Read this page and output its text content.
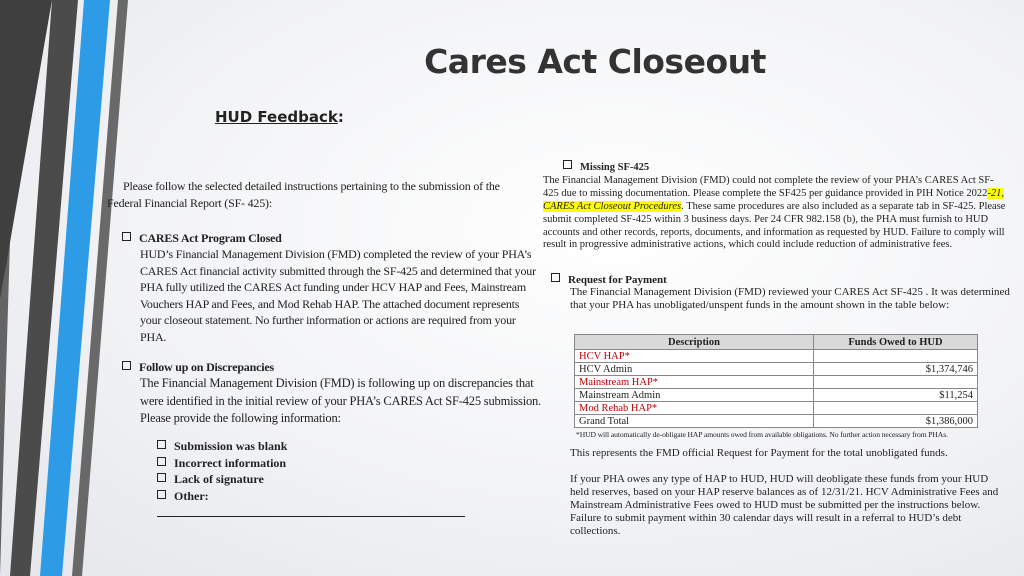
Cares Act Closeout
HUD Feedback:
Please follow the selected detailed instructions pertaining to the submission of the Federal Financial Report (SF- 425):
CARES Act Program Closed
HUD’s Financial Management Division (FMD) completed the review of your PHA’s CARES Act financial activity submitted through the SF-425 and determined that your PHA fully utilized the CARES Act funding under HCV HAP and Fees, Mainstream Vouchers HAP and Fees, and Mod Rehab HAP. The attached document represents your closeout statement. No further information or actions are required from your PHA.
Follow up on Discrepancies
The Financial Management Division (FMD) is following up on discrepancies that were identified in the initial review of your PHA’s CARES Act SF-425 submission. Please provide the following information:
Submission was blank
Incorrect information
Lack of signature
Other:
Missing SF-425
The Financial Management Division (FMD) could not complete the review of your PHA’s CARES Act SF-425 due to missing documentation. Please complete the SF425 per guidance provided in PIH Notice 2022-21, CARES Act Closeout Procedures. These same procedures are also included as a separate tab in SF-425. Please submit completed SF-425 within 3 business days. Per 24 CFR 982.158 (b), the PHA must furnish to HUD accounts and other records, reports, documents, and information as requested by HUD. Failure to comply will result in progressive administrative actions, which could include reduction of administrative fees.
Request for Payment
The Financial Management Division (FMD) reviewed your CARES Act SF-425 . It was determined that your PHA has unobligated/unspent funds in the amount shown in the table below:
Description	Funds Owed to HUD
HCV HAP*	
HCV Admin	$1,374,746
Mainstream HAP*	
Mainstream Admin	$11,254
Mod Rehab HAP*	
Grand Total	$1,386,000
*HUD will automatically de-obligate HAP amounts owed from available obligations. No further action necessary from PHAs.
This represents the FMD official Request for Payment for the total unobligated funds.
If your PHA owes any type of HAP to HUD, HUD will deobligate these funds from your HUD held reserves, based on your HAP reserve balances as of 12/31/21. HCV Administrative Fees and Mainstream Administrative Fees owed to HUD must be submitted per the instructions below. Failure to submit payment within 30 calendar days will result in a referral to HUD’s debt collections.
